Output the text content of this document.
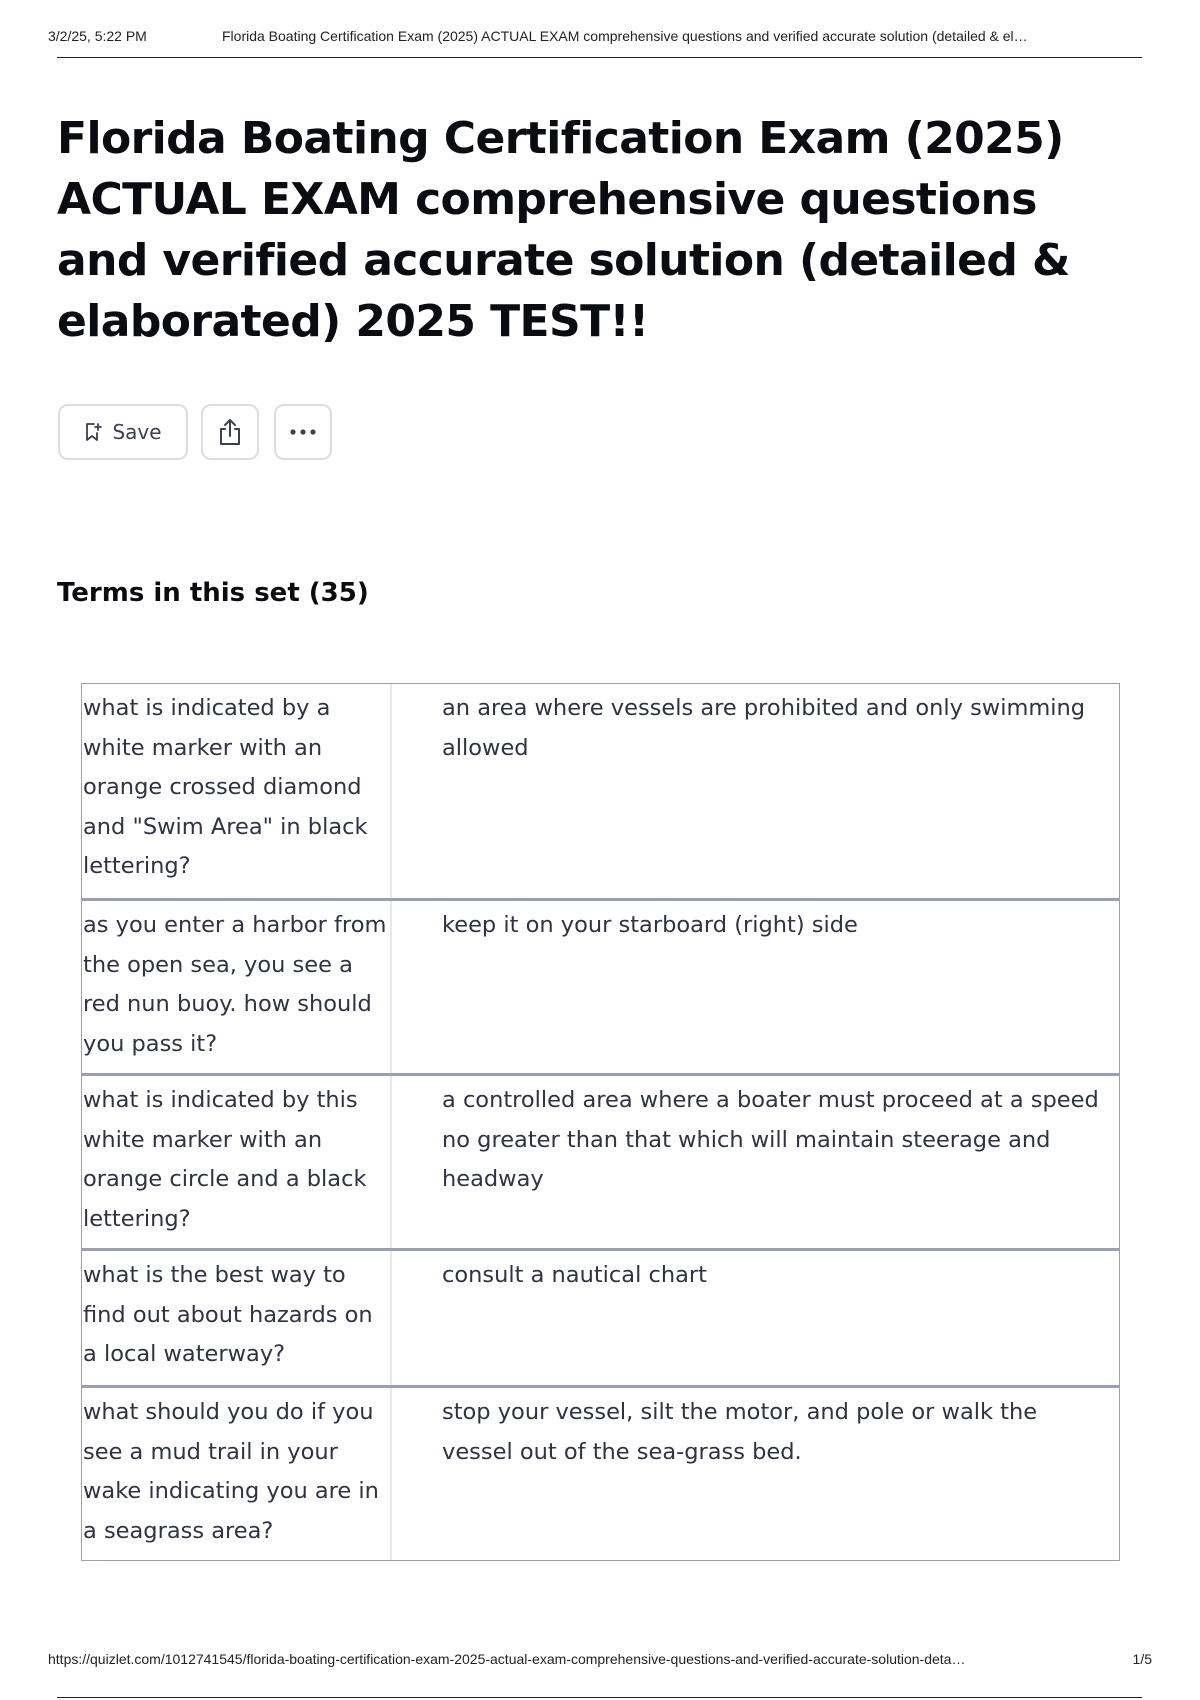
3/2/25, 5:22 PM	Florida Boating Certification Exam (2025) ACTUAL EXAM comprehensive questions and verified accurate solution (detailed & el…
Florida Boating Certification Exam (2025) ACTUAL EXAM comprehensive questions and verified accurate solution (detailed & elaborated) 2025 TEST!!
Save
Terms in this set (35)
what is indicated by a white marker with an orange crossed diamond and "Swim Area" in black lettering?
an area where vessels are prohibited and only swimming allowed
as you enter a harbor from the open sea, you see a red nun buoy. how should you pass it?
keep it on your starboard (right) side
what is indicated by this white marker with an orange circle and a black lettering?
a controlled area where a boater must proceed at a speed no greater than that which will maintain steerage and headway
what is the best way to find out about hazards on a local waterway?
consult a nautical chart
what should you do if you see a mud trail in your wake indicating you are in a seagrass area?
stop your vessel, silt the motor, and pole or walk the vessel out of the sea-grass bed.
https://quizlet.com/1012741545/florida-boating-certification-exam-2025-actual-exam-comprehensive-questions-and-verified-accurate-solution-deta…	1/5
